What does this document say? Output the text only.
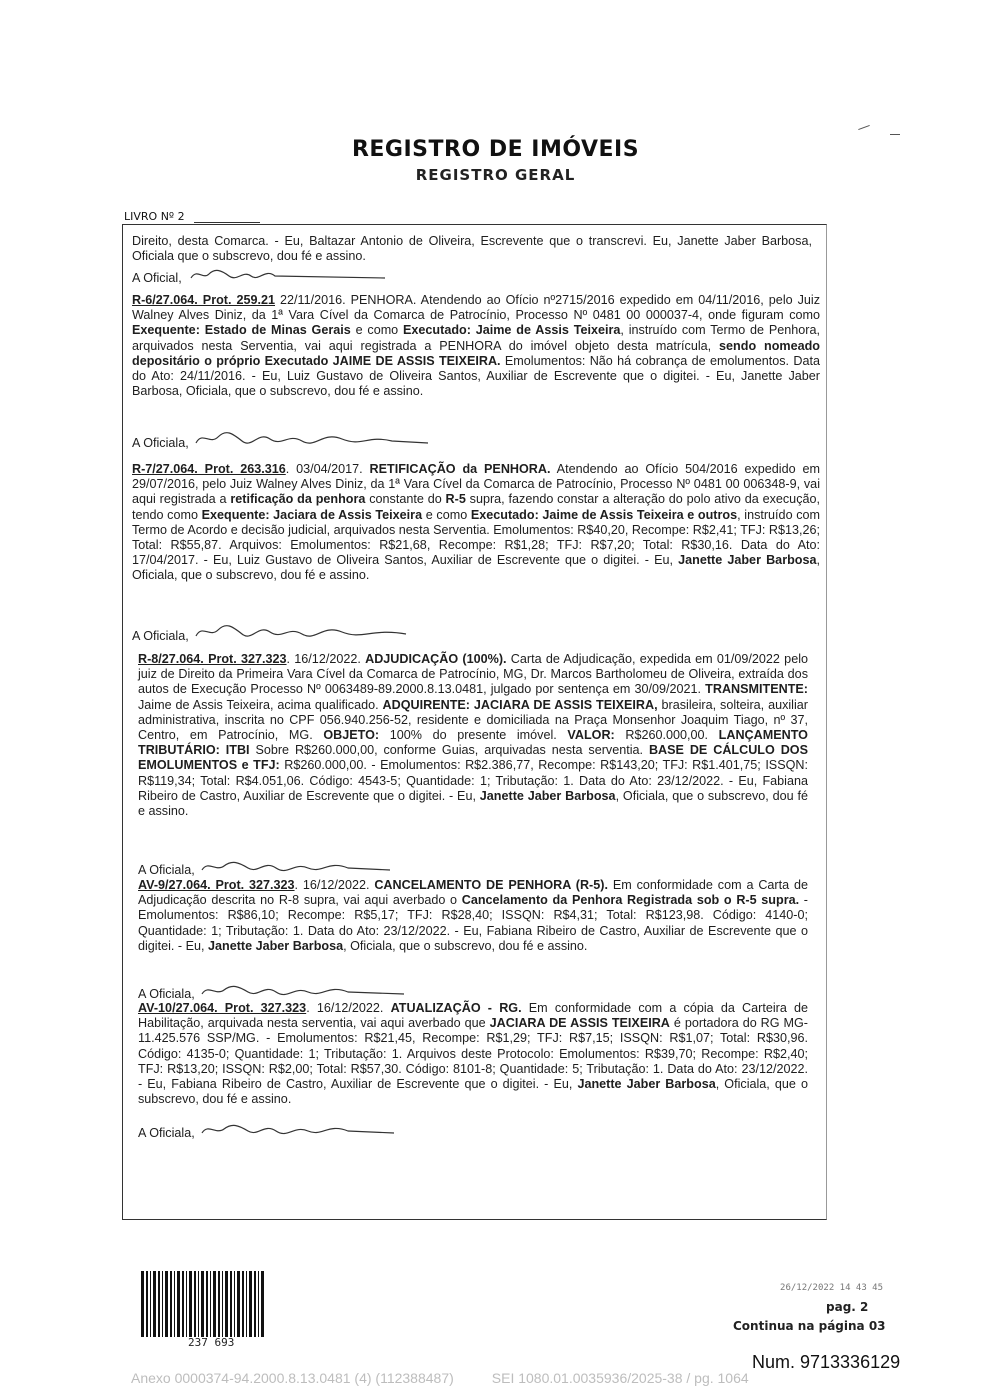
REGISTRO DE IMÓVEIS
REGISTRO GERAL
LIVRO Nº 2

Direito, desta Comarca. - Eu, Baltazar Antonio de Oliveira, Escrevente que o transcrevi. Eu, Janette Jaber Barbosa, Oficiala que o subscrevo, dou fé e assino.

A Oficial,

R-6/27.064. Prot. 259.21 22/11/2016. PENHORA. Atendendo ao Ofício nº2715/2016 expedido em 04/11/2016, pelo Juiz Walney Alves Diniz, da 1ª Vara Cível da Comarca de Patrocínio, Processo Nº 0481 00 000037-4, onde figuram como Exequente: Estado de Minas Gerais e como Executado: Jaime de Assis Teixeira, instruído com Termo de Penhora, arquivados nesta Serventia, vai aqui registrada a PENHORA do imóvel objeto desta matrícula, sendo nomeado depositário o próprio Executado JAIME DE ASSIS TEIXEIRA. Emolumentos: Não há cobrança de emolumentos. Data do Ato: 24/11/2016. - Eu, Luiz Gustavo de Oliveira Santos, Auxiliar de Escrevente que o digitei. - Eu, Janette Jaber Barbosa, Oficiala, que o subscrevo, dou fé e assino.

A Oficiala,

R-7/27.064. Prot. 263.316. 03/04/2017. RETIFICAÇÃO da PENHORA. Atendendo ao Ofício 504/2016 expedido em 29/07/2016, pelo Juiz Walney Alves Diniz, da 1ª Vara Cível da Comarca de Patrocínio, Processo Nº 0481 00 006348-9, vai aqui registrada a retificação da penhora constante do R-5 supra, fazendo constar a alteração do polo ativo da execução, tendo como Exequente: Jaciara de Assis Teixeira e como Executado: Jaime de Assis Teixeira e outros, instruído com Termo de Acordo e decisão judicial, arquivados nesta Serventia. Emolumentos: R$40,20, Recompe: R$2,41; TFJ: R$13,26; Total: R$55,87. Arquivos: Emolumentos: R$21,68, Recompe: R$1,28; TFJ: R$7,20; Total: R$30,16. Data do Ato: 17/04/2017. - Eu, Luiz Gustavo de Oliveira Santos, Auxiliar de Escrevente que o digitei. - Eu, Janette Jaber Barbosa, Oficiala, que o subscrevo, dou fé e assino.

A Oficiala,

R-8/27.064. Prot. 327.323. 16/12/2022. ADJUDICAÇÃO (100%). Carta de Adjudicação, expedida em 01/09/2022 pelo juiz de Direito da Primeira Vara Cível da Comarca de Patrocínio, MG, Dr. Marcos Bartholomeu de Oliveira, extraída dos autos de Execução Processo Nº 0063489-89.2000.8.13.0481, julgado por sentença em 30/09/2021. TRANSMITENTE: Jaime de Assis Teixeira, acima qualificado. ADQUIRENTE: JACIARA DE ASSIS TEIXEIRA, brasileira, solteira, auxiliar administrativa, inscrita no CPF 056.940.256-52, residente e domiciliada na Praça Monsenhor Joaquim Tiago, nº 37, Centro, em Patrocínio, MG. OBJETO: 100% do presente imóvel. VALOR: R$260.000,00. LANÇAMENTO TRIBUTÁRIO: ITBI Sobre R$260.000,00, conforme Guias, arquivadas nesta serventia. BASE DE CÁLCULO DOS EMOLUMENTOS e TFJ: R$260.000,00. - Emolumentos: R$2.386,77, Recompe: R$143,20; TFJ: R$1.401,75; ISSQN: R$119,34; Total: R$4.051,06. Código: 4543-5; Quantidade: 1; Tributação: 1. Data do Ato: 23/12/2022. - Eu, Fabiana Ribeiro de Castro, Auxiliar de Escrevente que o digitei. - Eu, Janette Jaber Barbosa, Oficiala, que o subscrevo, dou fé e assino.

A Oficiala,

AV-9/27.064. Prot. 327.323. 16/12/2022. CANCELAMENTO DE PENHORA (R-5). Em conformidade com a Carta de Adjudicação descrita no R-8 supra, vai aqui averbado o Cancelamento da Penhora Registrada sob o R-5 supra. - Emolumentos: R$86,10; Recompe: R$5,17; TFJ: R$28,40; ISSQN: R$4,31; Total: R$123,98. Código: 4140-0; Quantidade: 1; Tributação: 1. Data do Ato: 23/12/2022. - Eu, Fabiana Ribeiro de Castro, Auxiliar de Escrevente que o digitei. - Eu, Janette Jaber Barbosa, Oficiala, que o subscrevo, dou fé e assino.

A Oficiala,

AV-10/27.064. Prot. 327.323. 16/12/2022. ATUALIZAÇÃO - RG. Em conformidade com a cópia da Carteira de Habilitação, arquivada nesta serventia, vai aqui averbado que JACIARA DE ASSIS TEIXEIRA é portadora do RG MG-11.425.576 SSP/MG. - Emolumentos: R$21,45, Recompe: R$1,29; TFJ: R$7,15; ISSQN: R$1,07; Total: R$30,96. Código: 4135-0; Quantidade: 1; Tributação: 1. Arquivos deste Protocolo: Emolumentos: R$39,70; Recompe: R$2,40; TFJ: R$13,20; ISSQN: R$2,00; Total: R$57,30. Código: 8101-8; Quantidade: 5; Tributação: 1. Data do Ato: 23/12/2022. - Eu, Fabiana Ribeiro de Castro, Auxiliar de Escrevente que o digitei. - Eu, Janette Jaber Barbosa, Oficiala, que o subscrevo, dou fé e assino.

A Oficiala,
237 693
26/12/2022 14 43 45
pag. 2
Continua na página 03
Num. 9713336129
Anexo 0000374-94.2000.8.13.0481 (4) (112388487)	SEI 1080.01.0035936/2025-38 / pg. 1064
